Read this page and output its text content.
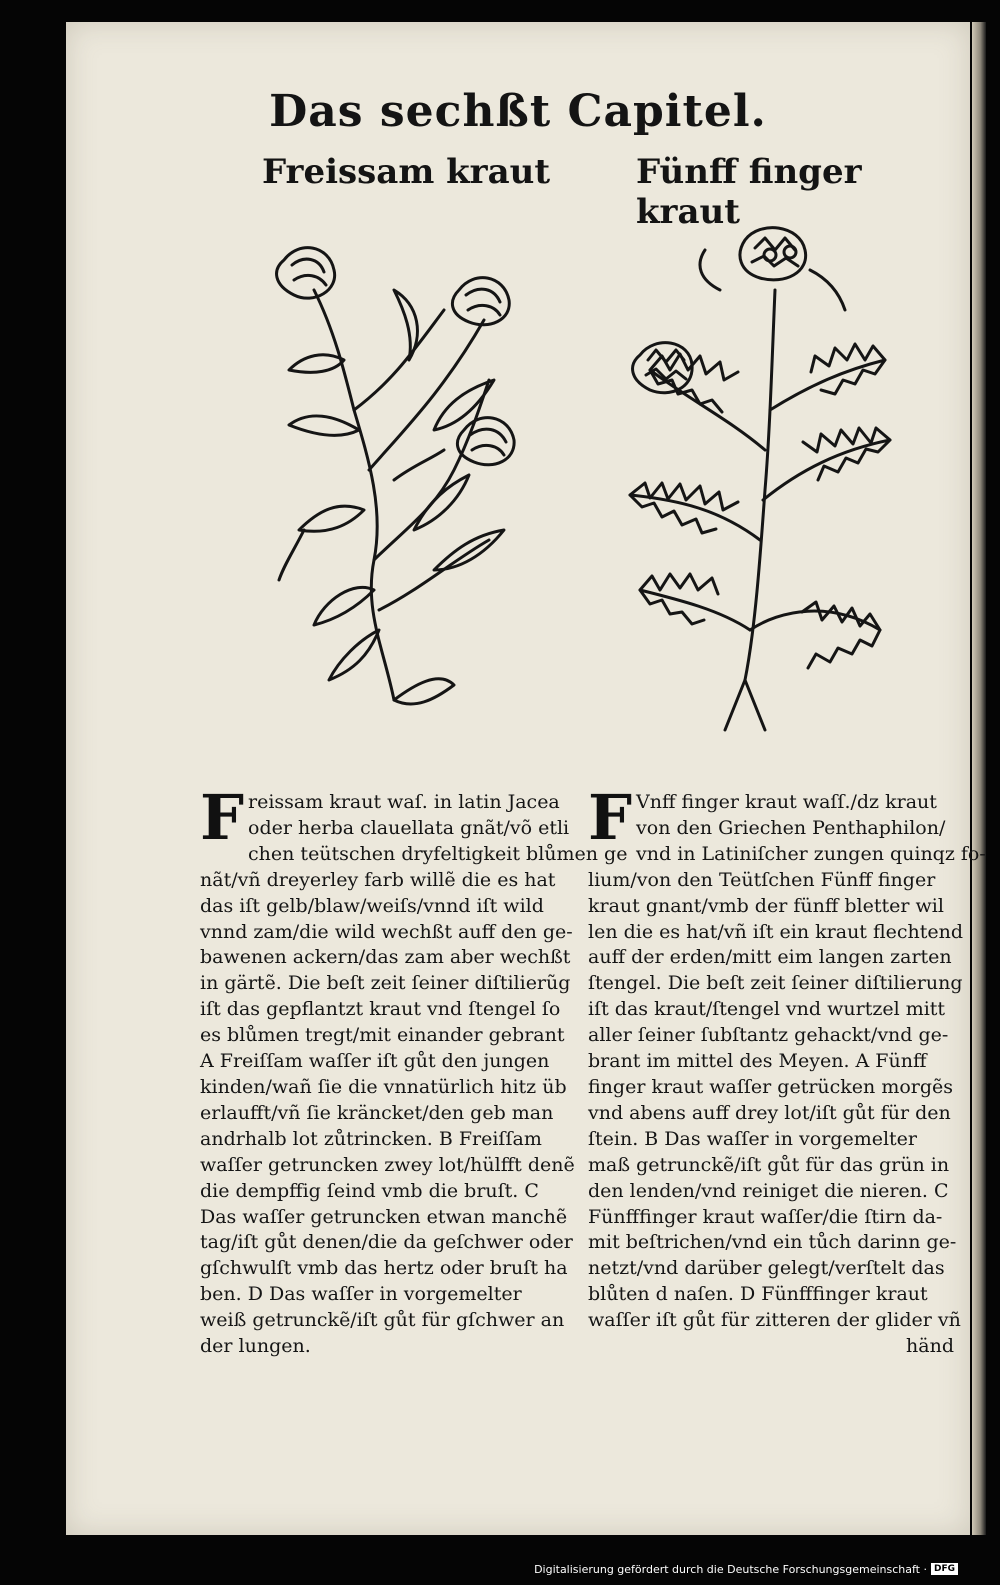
Das sechßt Capitel.
Freissam kraut	Fünff finger kraut
F reissam kraut waſ. in latin Jacea
oder herba clauellata gnãt/võ etli
chen teütschen dryfeltigkeit blůmen ge
nãt/vñ dreyerley farb willẽ die es hat
das iſt gelb/blaw/weiſs/vnnd iſt wild
vnnd zam/die wild wechßt auff den ge-
bawenen ackern/das zam aber wechßt
in gärtẽ. Die beſt zeit ſeiner diſtilierũg
iſt das gepflantzt kraut vnd ſtengel ſo
es blůmen tregt/mit einander gebrant
A Freiſſam waſſer iſt gůt den jungen
kinden/wañ ſie die vnnatürlich hitz üb
erlaufft/vñ ſie kräncket/den geb man
andrhalb lot zůtrincken. B Freiſſam
waſſer getruncken zwey lot/hülfft denẽ
die dempffig ſeind vmb die bruſt. C
Das waſſer getruncken etwan manchẽ
tag/iſt gůt denen/die da geſchwer oder
gſchwulſt vmb das hertz oder bruſt ha
ben. D Das waſſer in vorgemelter
weiß getrunckẽ/iſt gůt für gſchwer an
der lungen.
F Vnff finger kraut waſſ./dz kraut
von den Griechen Penthaphilon/
vnd in Latiniſcher zungen quinqz fo-
lium/von den Teütſchen Fünff finger
kraut gnant/vmb der fünff bletter wil
len die es hat/vñ iſt ein kraut flechtend
auff der erden/mitt eim langen zarten
ſtengel. Die beſt zeit ſeiner diſtilierung
iſt das kraut/ſtengel vnd wurtzel mitt
aller ſeiner ſubſtantz gehackt/vnd ge-
brant im mittel des Meyen. A Fünff
finger kraut waſſer getrücken morgẽs
vnd abens auff drey lot/iſt gůt für den
ſtein. B Das waſſer in vorgemelter
maß getrunckẽ/iſt gůt für das grün in
den lenden/vnd reiniget die nieren. C
Fünfffinger kraut waſſer/die ſtirn da-
mit beſtrichen/vnd ein tůch darinn ge-
netzt/vnd darüber gelegt/verſtelt das
blůten d naſen. D Fünfffinger kraut
waſſer iſt gůt für zitteren der glider vñ
händ
Digitalisierung gefördert durch die Deutsche Forschungsgemeinschaft · DFG
